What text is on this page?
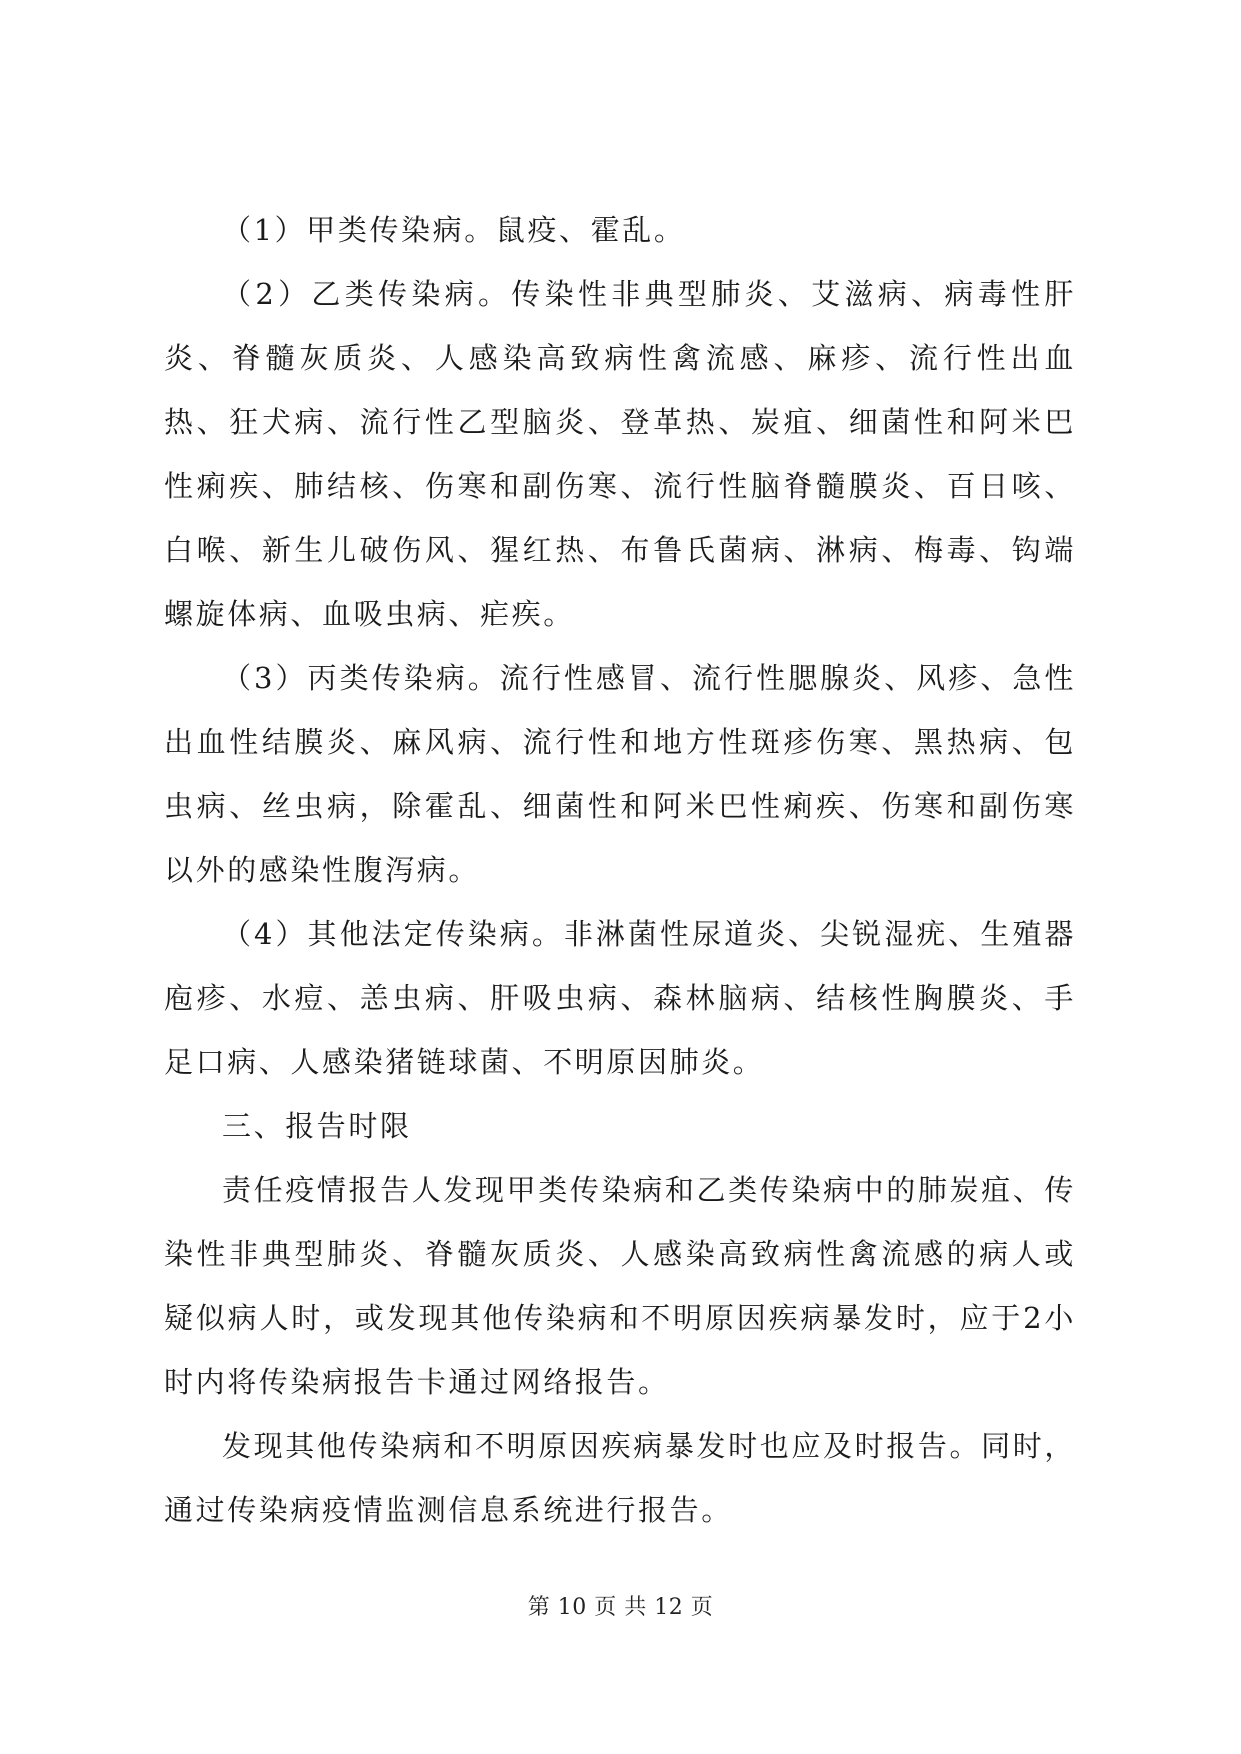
（1）甲类传染病。鼠疫、霍乱。

（2）乙类传染病。传染性非典型肺炎、艾滋病、病毒性肝炎、脊髓灰质炎、人感染高致病性禽流感、麻疹、流行性出血热、狂犬病、流行性乙型脑炎、登革热、炭疽、细菌性和阿米巴性痢疾、肺结核、伤寒和副伤寒、流行性脑脊髓膜炎、百日咳、白喉、新生儿破伤风、猩红热、布鲁氏菌病、淋病、梅毒、钩端螺旋体病、血吸虫病、疟疾。

（3）丙类传染病。流行性感冒、流行性腮腺炎、风疹、急性出血性结膜炎、麻风病、流行性和地方性斑疹伤寒、黑热病、包虫病、丝虫病，除霍乱、细菌性和阿米巴性痢疾、伤寒和副伤寒以外的感染性腹泻病。

（4）其他法定传染病。非淋菌性尿道炎、尖锐湿疣、生殖器庖疹、水痘、恙虫病、肝吸虫病、森林脑病、结核性胸膜炎、手足口病、人感染猪链球菌、不明原因肺炎。

三、报告时限

责任疫情报告人发现甲类传染病和乙类传染病中的肺炭疽、传染性非典型肺炎、脊髓灰质炎、人感染高致病性禽流感的病人或疑似病人时，或发现其他传染病和不明原因疾病暴发时，应于2小时内将传染病报告卡通过网络报告。

发现其他传染病和不明原因疾病暴发时也应及时报告。同时，通过传染病疫情监测信息系统进行报告。

第 10 页 共 12 页
